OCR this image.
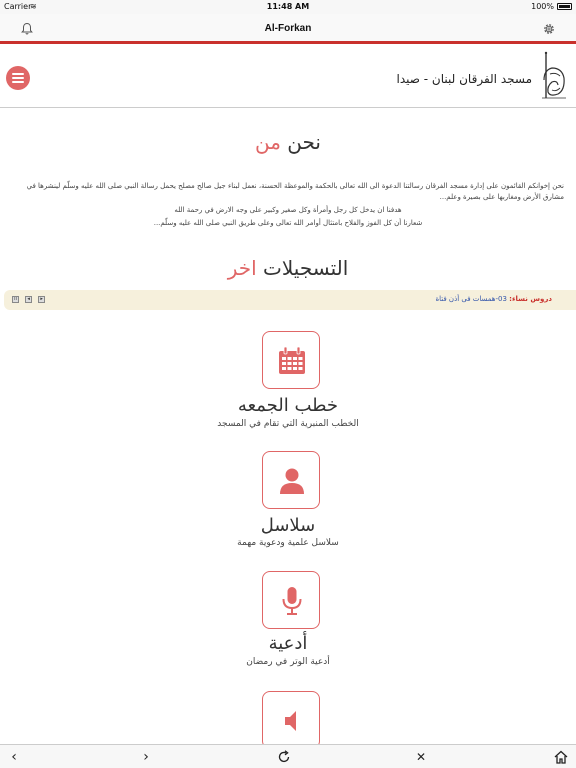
Carrier
≋	11:48 AM	100%
Al-Forkan
مسجد الفرقان لبنان - صيدا
نحن من

نحن إخوانكم القائمون على إدارة مسجد الفرقان رسالتنا الدعوة الى الله تعالى بالحكمة والموعظة الحسنة، نعمل لبناء جيل صالح مصلح يحمل رسالة النبي صلى الله عليه وسلّم لينشرها في مشارق الأرض ومغاربها على بصيرة وعلم...

هدفنا ان يدخل كل رجل وأمرأة وكل صغير وكبير على وجه الارض في رحمة الله

شعارنا أن كل الفوز والفلاح بامتثال أوامر الله تعالى وعلى طريق النبي صلى الله عليه وسلّم...

التسجيلات اخر
ıı ◂ ▸	دروس نساء: 03-همسات فى أذن فتاة
خطب الجمعه
الخطب المنبرية التي تقام في المسجد
سلاسل
سلاسل علمية ودعوية مهمة
أدعية
أدعية الوتر في رمضان
‹	›	✕
